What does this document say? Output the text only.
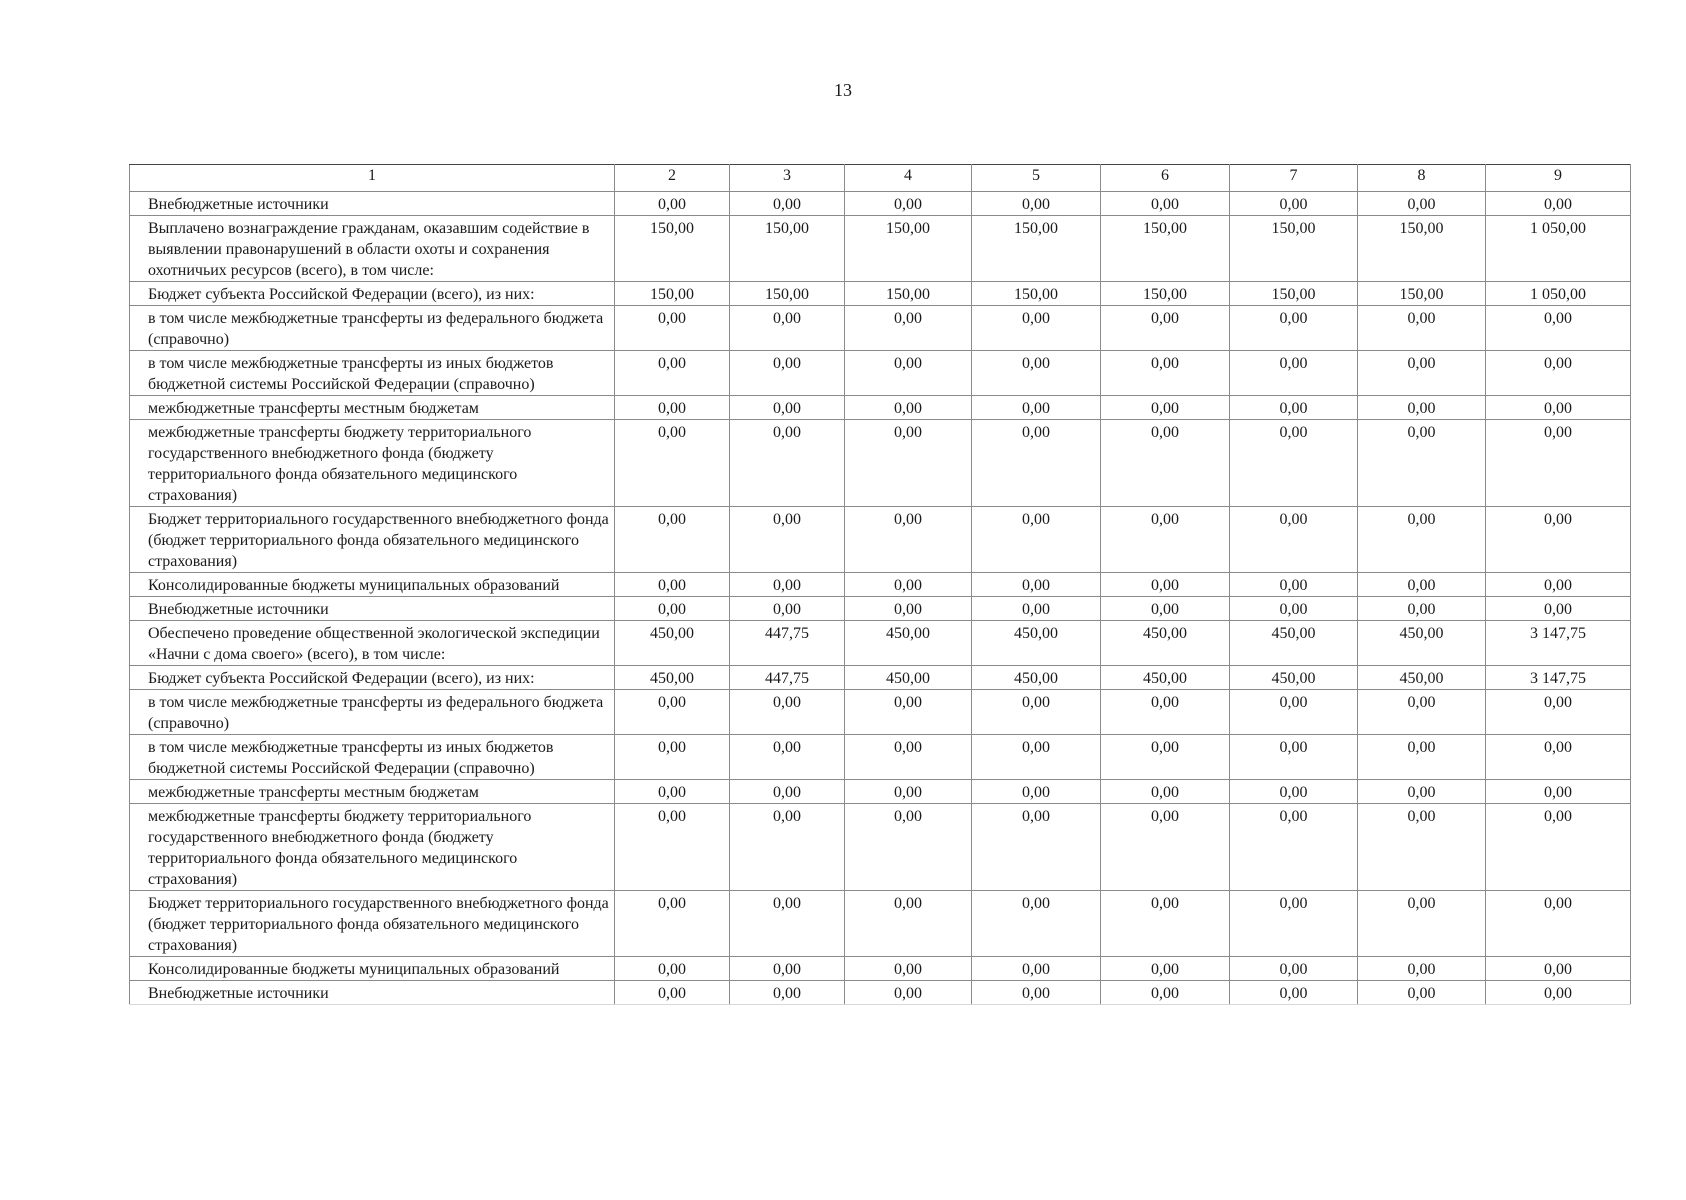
13
1	2	3	4	5	6	7	8	9
Внебюджетные источники	0,00	0,00	0,00	0,00	0,00	0,00	0,00	0,00
Выплачено вознаграждение гражданам, оказавшим содействие в выявлении правонарушений в области охоты и сохранения охотничьих ресурсов (всего), в том числе:	150,00	150,00	150,00	150,00	150,00	150,00	150,00	1 050,00
Бюджет субъекта Российской Федерации (всего), из них:	150,00	150,00	150,00	150,00	150,00	150,00	150,00	1 050,00
в том числе межбюджетные трансферты из федерального бюджета (справочно)	0,00	0,00	0,00	0,00	0,00	0,00	0,00	0,00
в том числе межбюджетные трансферты из иных бюджетов бюджетной системы Российской Федерации (справочно)	0,00	0,00	0,00	0,00	0,00	0,00	0,00	0,00
межбюджетные трансферты местным бюджетам	0,00	0,00	0,00	0,00	0,00	0,00	0,00	0,00
межбюджетные трансферты бюджету территориального государственного внебюджетного фонда (бюджету территориального фонда обязательного медицинского страхования)	0,00	0,00	0,00	0,00	0,00	0,00	0,00	0,00
Бюджет территориального государственного внебюджетного фонда (бюджет территориального фонда обязательного медицинского страхования)	0,00	0,00	0,00	0,00	0,00	0,00	0,00	0,00
Консолидированные бюджеты муниципальных образований	0,00	0,00	0,00	0,00	0,00	0,00	0,00	0,00
Внебюджетные источники	0,00	0,00	0,00	0,00	0,00	0,00	0,00	0,00
Обеспечено проведение общественной экологической экспедиции «Начни с дома своего» (всего), в том числе:	450,00	447,75	450,00	450,00	450,00	450,00	450,00	3 147,75
Бюджет субъекта Российской Федерации (всего), из них:	450,00	447,75	450,00	450,00	450,00	450,00	450,00	3 147,75
в том числе межбюджетные трансферты из федерального бюджета (справочно)	0,00	0,00	0,00	0,00	0,00	0,00	0,00	0,00
в том числе межбюджетные трансферты из иных бюджетов бюджетной системы Российской Федерации (справочно)	0,00	0,00	0,00	0,00	0,00	0,00	0,00	0,00
межбюджетные трансферты местным бюджетам	0,00	0,00	0,00	0,00	0,00	0,00	0,00	0,00
межбюджетные трансферты бюджету территориального государственного внебюджетного фонда (бюджету территориального фонда обязательного медицинского страхования)	0,00	0,00	0,00	0,00	0,00	0,00	0,00	0,00
Бюджет территориального государственного внебюджетного фонда (бюджет территориального фонда обязательного медицинского страхования)	0,00	0,00	0,00	0,00	0,00	0,00	0,00	0,00
Консолидированные бюджеты муниципальных образований	0,00	0,00	0,00	0,00	0,00	0,00	0,00	0,00
Внебюджетные источники	0,00	0,00	0,00	0,00	0,00	0,00	0,00	0,00
